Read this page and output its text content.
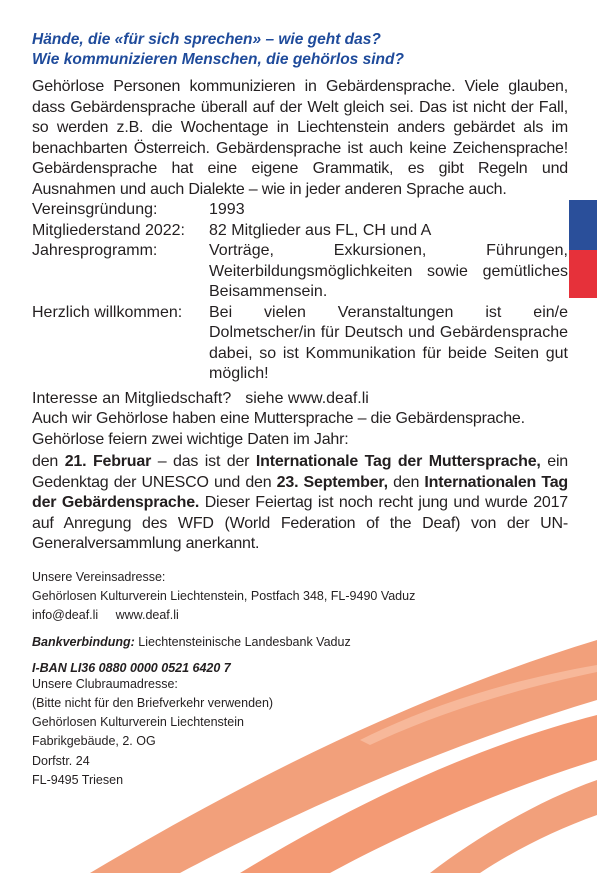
Hände, die «für sich sprechen» – wie geht das?
Wie kommunizieren Menschen, die gehörlos sind?

Gehörlose Personen kommunizieren in Gebärdensprache. Viele glauben, dass Gebärdensprache überall auf der Welt gleich sei. Das ist nicht der Fall, so werden z.B. die Wochentage in Liechtenstein anders gebärdet als im benachbarten Österreich. Gebärdensprache ist auch keine Zeichensprache! Gebärdensprache hat eine eigene Grammatik, es gibt Regeln und Ausnahmen und auch Dialekte – wie in jeder anderen Sprache auch.

Vereinsgründung:	1993
Mitgliederstand 2022:	82 Mitglieder aus FL, CH und A
Jahresprogramm:	Vorträge, Exkursionen, Führungen, Weiterbildungsmöglichkeiten sowie gemütliches Beisammensein.
Herzlich willkommen:	Bei vielen Veranstaltungen ist ein/e Dolmetscher/in für Deutsch und Gebärdensprache dabei, so ist Kommunikation für beide Seiten gut möglich!
Interesse an Mitgliedschaft? siehe www.deaf.li

Auch wir Gehörlose haben eine Muttersprache – die Gebärdensprache.

Gehörlose feiern zwei wichtige Daten im Jahr:

den 21. Februar – das ist der Internationale Tag der Muttersprache, ein Gedenktag der UNESCO und den 23. September, den Internationalen Tag der Gebärdensprache. Dieser Feiertag ist noch recht jung und wurde 2017 auf Anregung des WFD (World Federation of the Deaf) von der UN-Generalversammlung anerkannt.

Unsere Vereinsadresse:

Gehörlosen Kulturverein Liechtenstein, Postfach 348, FL-9490 Vaduz

info@deaf.li www.deaf.li

Bankverbindung: Liechtensteinische Landesbank Vaduz
I-BAN LI36 0880 0000 0521 6420 7
Unsere Clubraumadresse:
(Bitte nicht für den Briefverkehr verwenden)
Gehörlosen Kulturverein Liechtenstein
Fabrikgebäude, 2. OG
Dorfstr. 24
FL-9495 Triesen
